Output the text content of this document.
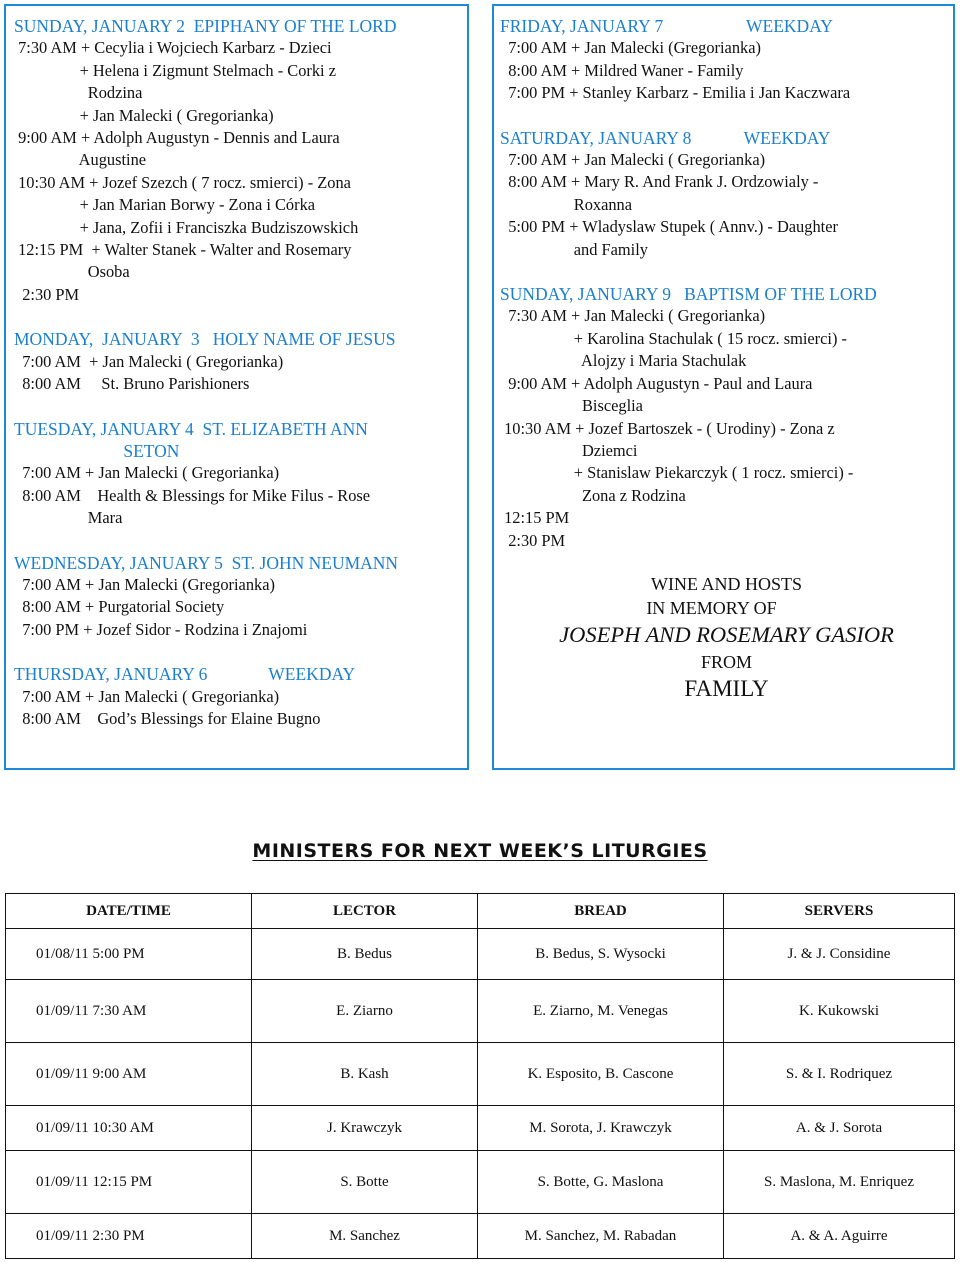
SUNDAY, JANUARY 2  EPIPHANY OF THE LORD
7:30 AM + Cecylia i Wojciech Karbarz - Dzieci
+ Helena i Zigmunt Stelmach - Corki z
Rodzina
+ Jan Malecki ( Gregorianka)
9:00 AM + Adolph Augustyn - Dennis and Laura
Augustine
10:30 AM + Jozef Szezch ( 7 rocz. smierci) - Zona
+ Jan Marian Borwy - Zona i Córka
+ Jana, Zofii i Franciszka Budziszowskich
12:15 PM  + Walter Stanek - Walter and Rosemary
Osoba
2:30 PM
MONDAY,  JANUARY  3   HOLY NAME OF JESUS
7:00 AM  + Jan Malecki ( Gregorianka)
8:00 AM     St. Bruno Parishioners
TUESDAY, JANUARY 4  ST. ELIZABETH ANN
SETON
7:00 AM + Jan Malecki ( Gregorianka)
8:00 AM    Health & Blessings for Mike Filus - Rose
Mara
WEDNESDAY, JANUARY 5  ST. JOHN NEUMANN
7:00 AM + Jan Malecki (Gregorianka)
8:00 AM + Purgatorial Society
7:00 PM + Jozef Sidor - Rodzina i Znajomi
THURSDAY, JANUARY 6              WEEKDAY
7:00 AM + Jan Malecki ( Gregorianka)
8:00 AM    God’s Blessings for Elaine Bugno
FRIDAY, JANUARY 7                   WEEKDAY
7:00 AM + Jan Malecki (Gregorianka)
8:00 AM + Mildred Waner - Family
7:00 PM + Stanley Karbarz - Emilia i Jan Kaczwara
SATURDAY, JANUARY 8            WEEKDAY
7:00 AM + Jan Malecki ( Gregorianka)
8:00 AM + Mary R. And Frank J. Ordzowialy -
Roxanna
5:00 PM + Wladyslaw Stupek ( Annv.) - Daughter
and Family
SUNDAY, JANUARY 9   BAPTISM OF THE LORD
7:30 AM + Jan Malecki ( Gregorianka)
+ Karolina Stachulak ( 15 rocz. smierci) -
Alojzy i Maria Stachulak
9:00 AM + Adolph Augustyn - Paul and Laura
Bisceglia
10:30 AM + Jozef Bartoszek - ( Urodiny) - Zona z
Dziemci
+ Stanislaw Piekarczyk ( 1 rocz. smierci) -
Zona z Rodzina
12:15 PM
2:30 PM
WINE AND HOSTS
IN MEMORY OF
JOSEPH AND ROSEMARY GASIOR
FROM
FAMILY
MINISTERS FOR NEXT WEEK’S LITURGIES
DATE/TIME	LECTOR	BREAD	SERVERS
01/08/11 5:00 PM	B. Bedus	B. Bedus, S. Wysocki	J. & J. Considine
01/09/11 7:30 AM	E. Ziarno	E. Ziarno, M. Venegas	K. Kukowski
01/09/11 9:00 AM	B. Kash	K. Esposito, B. Cascone	S. & I. Rodriquez
01/09/11 10:30 AM	J. Krawczyk	M. Sorota, J. Krawczyk	A. & J. Sorota
01/09/11 12:15 PM	S. Botte	S. Botte, G. Maslona	S. Maslona, M. Enriquez
01/09/11 2:30 PM	M. Sanchez	M. Sanchez, M. Rabadan	A. & A. Aguirre
